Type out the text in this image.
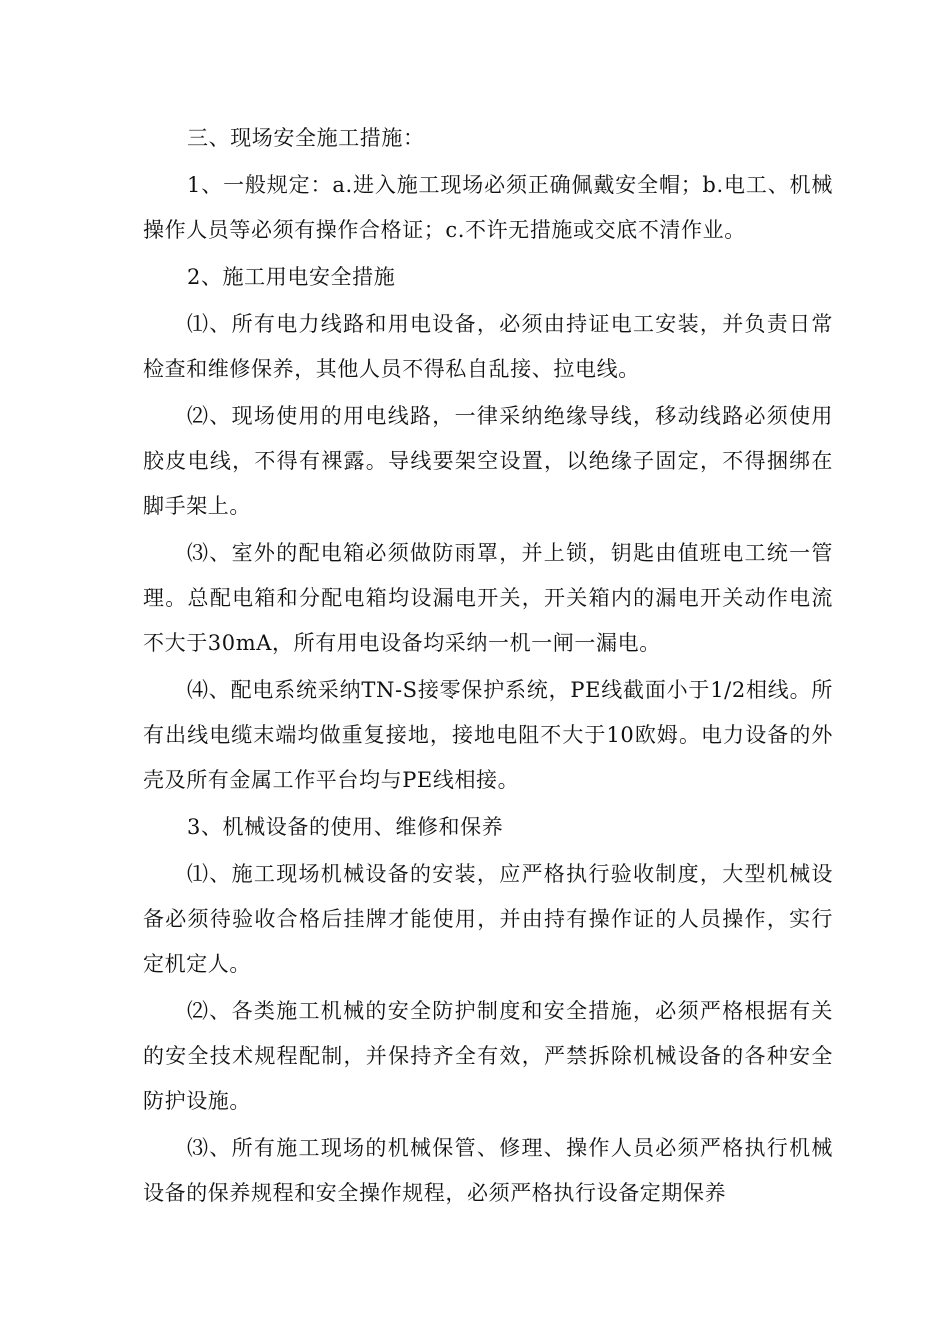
三、现场安全施工措施：

1、一般规定：a.进入施工现场必须正确佩戴安全帽；b.电工、机械操作人员等必须有操作合格证；c.不许无措施或交底不清作业。

2、施工用电安全措施

⑴、所有电力线路和用电设备，必须由持证电工安装，并负责日常检查和维修保养，其他人员不得私自乱接、拉电线。

⑵、现场使用的用电线路，一律采纳绝缘导线，移动线路必须使用胶皮电线，不得有裸露。导线要架空设置，以绝缘子固定，不得捆绑在脚手架上。

⑶、室外的配电箱必须做防雨罩，并上锁，钥匙由值班电工统一管理。总配电箱和分配电箱均设漏电开关，开关箱内的漏电开关动作电流不大于30mA，所有用电设备均采纳一机一闸一漏电。

⑷、配电系统采纳TN-S接零保护系统，PE线截面小于1/2相线。所有出线电缆末端均做重复接地，接地电阻不大于10欧姆。电力设备的外壳及所有金属工作平台均与PE线相接。

3、机械设备的使用、维修和保养

⑴、施工现场机械设备的安装，应严格执行验收制度，大型机械设备必须待验收合格后挂牌才能使用，并由持有操作证的人员操作，实行定机定人。

⑵、各类施工机械的安全防护制度和安全措施，必须严格根据有关的安全技术规程配制，并保持齐全有效，严禁拆除机械设备的各种安全防护设施。

⑶、所有施工现场的机械保管、修理、操作人员必须严格执行机械设备的保养规程和安全操作规程，必须严格执行设备定期保养
